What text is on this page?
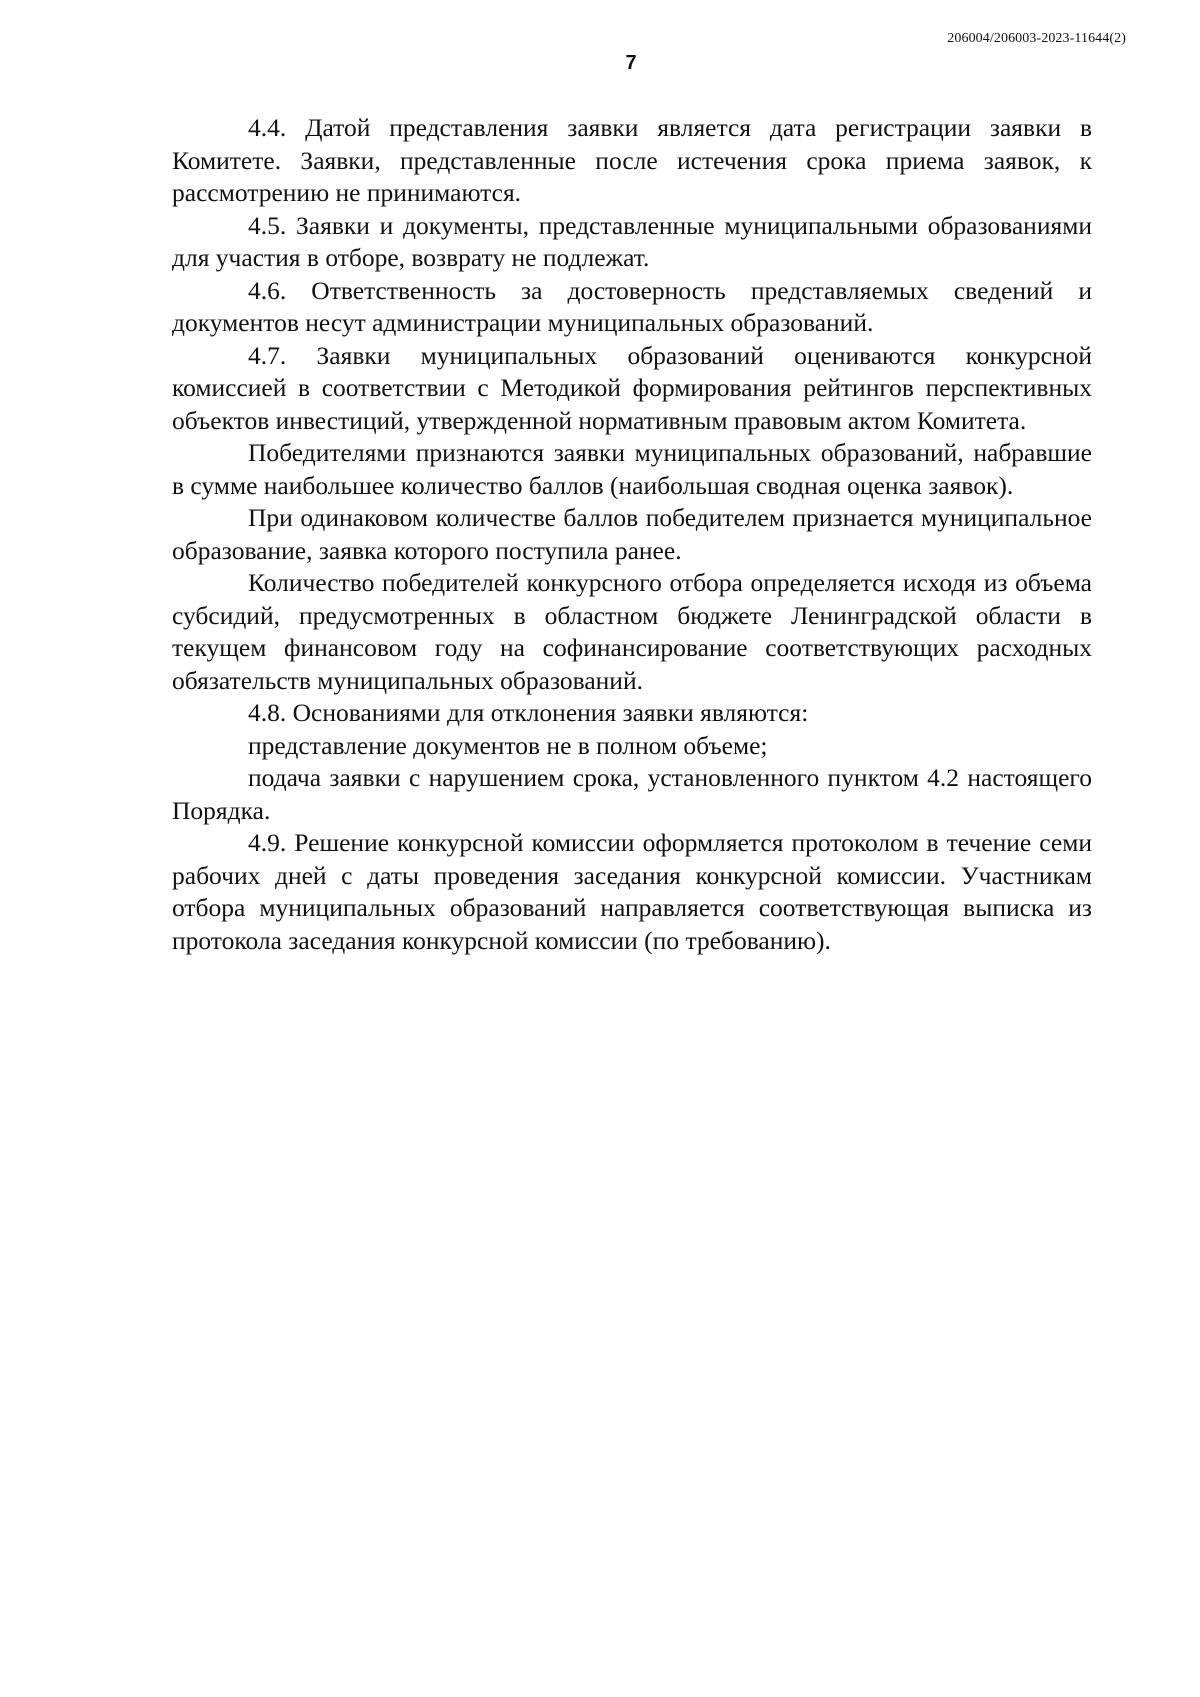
206004/206003-2023-11644(2)
7

4.4. Датой представления заявки является дата регистрации заявки в Комитете. Заявки, представленные после истечения срока приема заявок, к рассмотрению не принимаются.

4.5. Заявки и документы, представленные муниципальными образованиями для участия в отборе, возврату не подлежат.

4.6. Ответственность за достоверность представляемых сведений и документов несут администрации муниципальных образований.

4.7. Заявки муниципальных образований оцениваются конкурсной комиссией в соответствии с Методикой формирования рейтингов перспективных объектов инвестиций, утвержденной нормативным правовым актом Комитета.

Победителями признаются заявки муниципальных образований, набравшие в сумме наибольшее количество баллов (наибольшая сводная оценка заявок).

При одинаковом количестве баллов победителем признается муниципальное образование, заявка которого поступила ранее.

Количество победителей конкурсного отбора определяется исходя из объема субсидий, предусмотренных в областном бюджете Ленинградской области в текущем финансовом году на софинансирование соответствующих расходных обязательств муниципальных образований.

4.8. Основаниями для отклонения заявки являются:

представление документов не в полном объеме;

подача заявки с нарушением срока, установленного пунктом 4.2 настоящего Порядка.

4.9. Решение конкурсной комиссии оформляется протоколом в течение семи рабочих дней с даты проведения заседания конкурсной комиссии. Участникам отбора муниципальных образований направляется соответствующая выписка из протокола заседания конкурсной комиссии (по требованию).
